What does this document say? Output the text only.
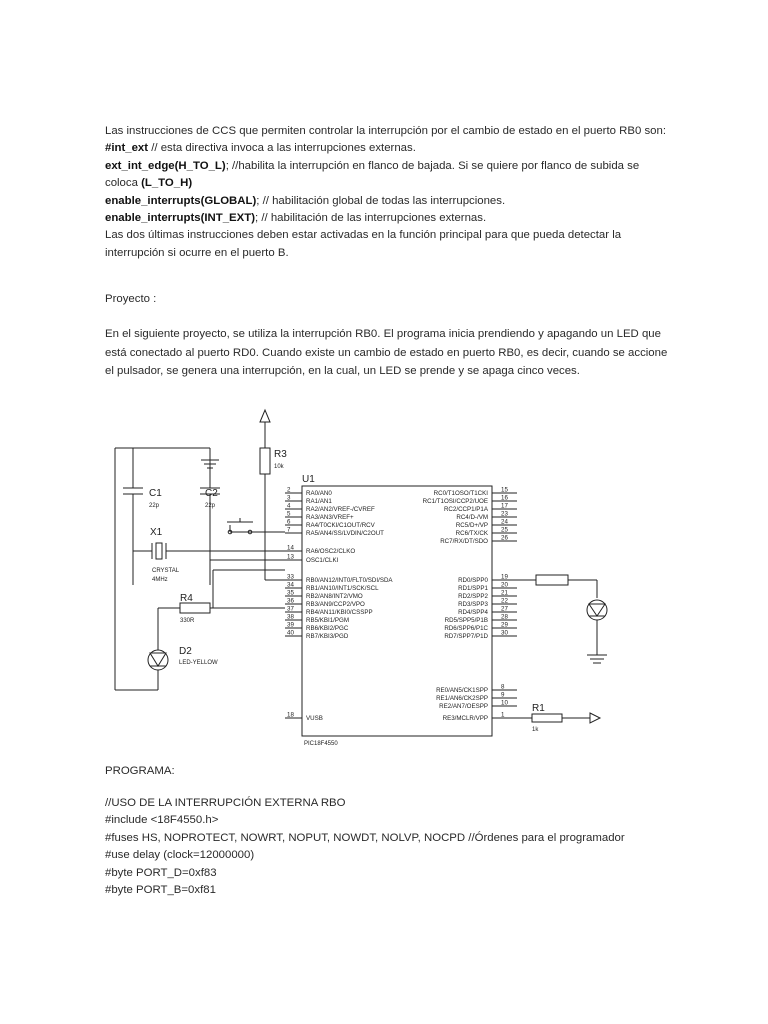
Las instrucciones de CCS que permiten controlar la interrupción por el cambio de estado en el puerto RB0 son:
#int_ext // esta directiva invoca a las interrupciones externas.
ext_int_edge(H_TO_L); //habilita la interrupción en flanco de bajada. Si se quiere por flanco de subida se
coloca (L_TO_H)
enable_interrupts(GLOBAL); // habilitación global de todas las interrupciones.
enable_interrupts(INT_EXT); // habilitación de las interrupciones externas.
Las dos últimas instrucciones deben estar activadas en la función principal para que pueda detectar la
interrupción si ocurre en el puerto B.
Proyecto :
En el siguiente proyecto, se utiliza la interrupción RB0. El programa inicia prendiendo y apagando un LED que
está conectado al puerto RD0. Cuando existe un cambio de estado en puerto RB0, es decir, cuando se accione
el pulsador, se genera una interrupción, en la cual, un LED se prende y se apaga cinco veces.
2	RA0/AN0
3	RA1/AN1
4	RA2/AN2/VREF-/CVREF
5	RA3/AN3/VREF+
6	RA4/T0CKI/C1OUT/RCV
7	RA5/AN4/SS/LVDIN/C2OUT
14 RA6/OSC2/CLKO
13 OSC1/CLKI
33 RB0/AN12/INT0/FLT0/SDI/SDA
34 RB1/AN10/INT1/SCK/SCL
35 RB2/AN8/INT2/VMO
36 RB3/AN9/CCP2/VPO
37 RB4/AN11/KBI0/CSSPP
38 RB5/KBI1/PGM
39 RB6/KBI2/PGC
40 RB7/KBI3/PGD
18 VUSB
15
RC0/T1OSO/T1CKI
16
RC1/T1OSI/CCP2/UOE
17
RC2/CCP1/P1A
23
RC4/D-/VM
24
RC5/D+/VP
25
RC6/TX/CK
26
RC7/RX/DT/SDO
19
RD0/SPP0
20
RD1/SPP1
21
RD2/SPP2
22
RD3/SPP3
27
RD4/SPP4
28
RD5/SPP5/P1B
29
RD6/SPP6/P1C
30
RD7/SPP7/P1D
8
RE0/AN5/CK1SPP
9
RE1/AN6/CK2SPP
10
RE2/AN7/OESPP
1
RE3/MCLR/VPP
R3
10k
U1
C1
22p
C2
22p
X1
CRYSTAL
4MHz
R4
330R
D2
LED-YELLOW
R1
1k
PIC18F4550
PROGRAMA:
//USO DE LA INTERRUPCIÓN EXTERNA RBO
#include <18F4550.h>
#fuses HS, NOPROTECT, NOWRT, NOPUT, NOWDT, NOLVP, NOCPD //Órdenes para el programador
#use delay (clock=12000000)
#byte PORT_D=0xf83
#byte PORT_B=0xf81
